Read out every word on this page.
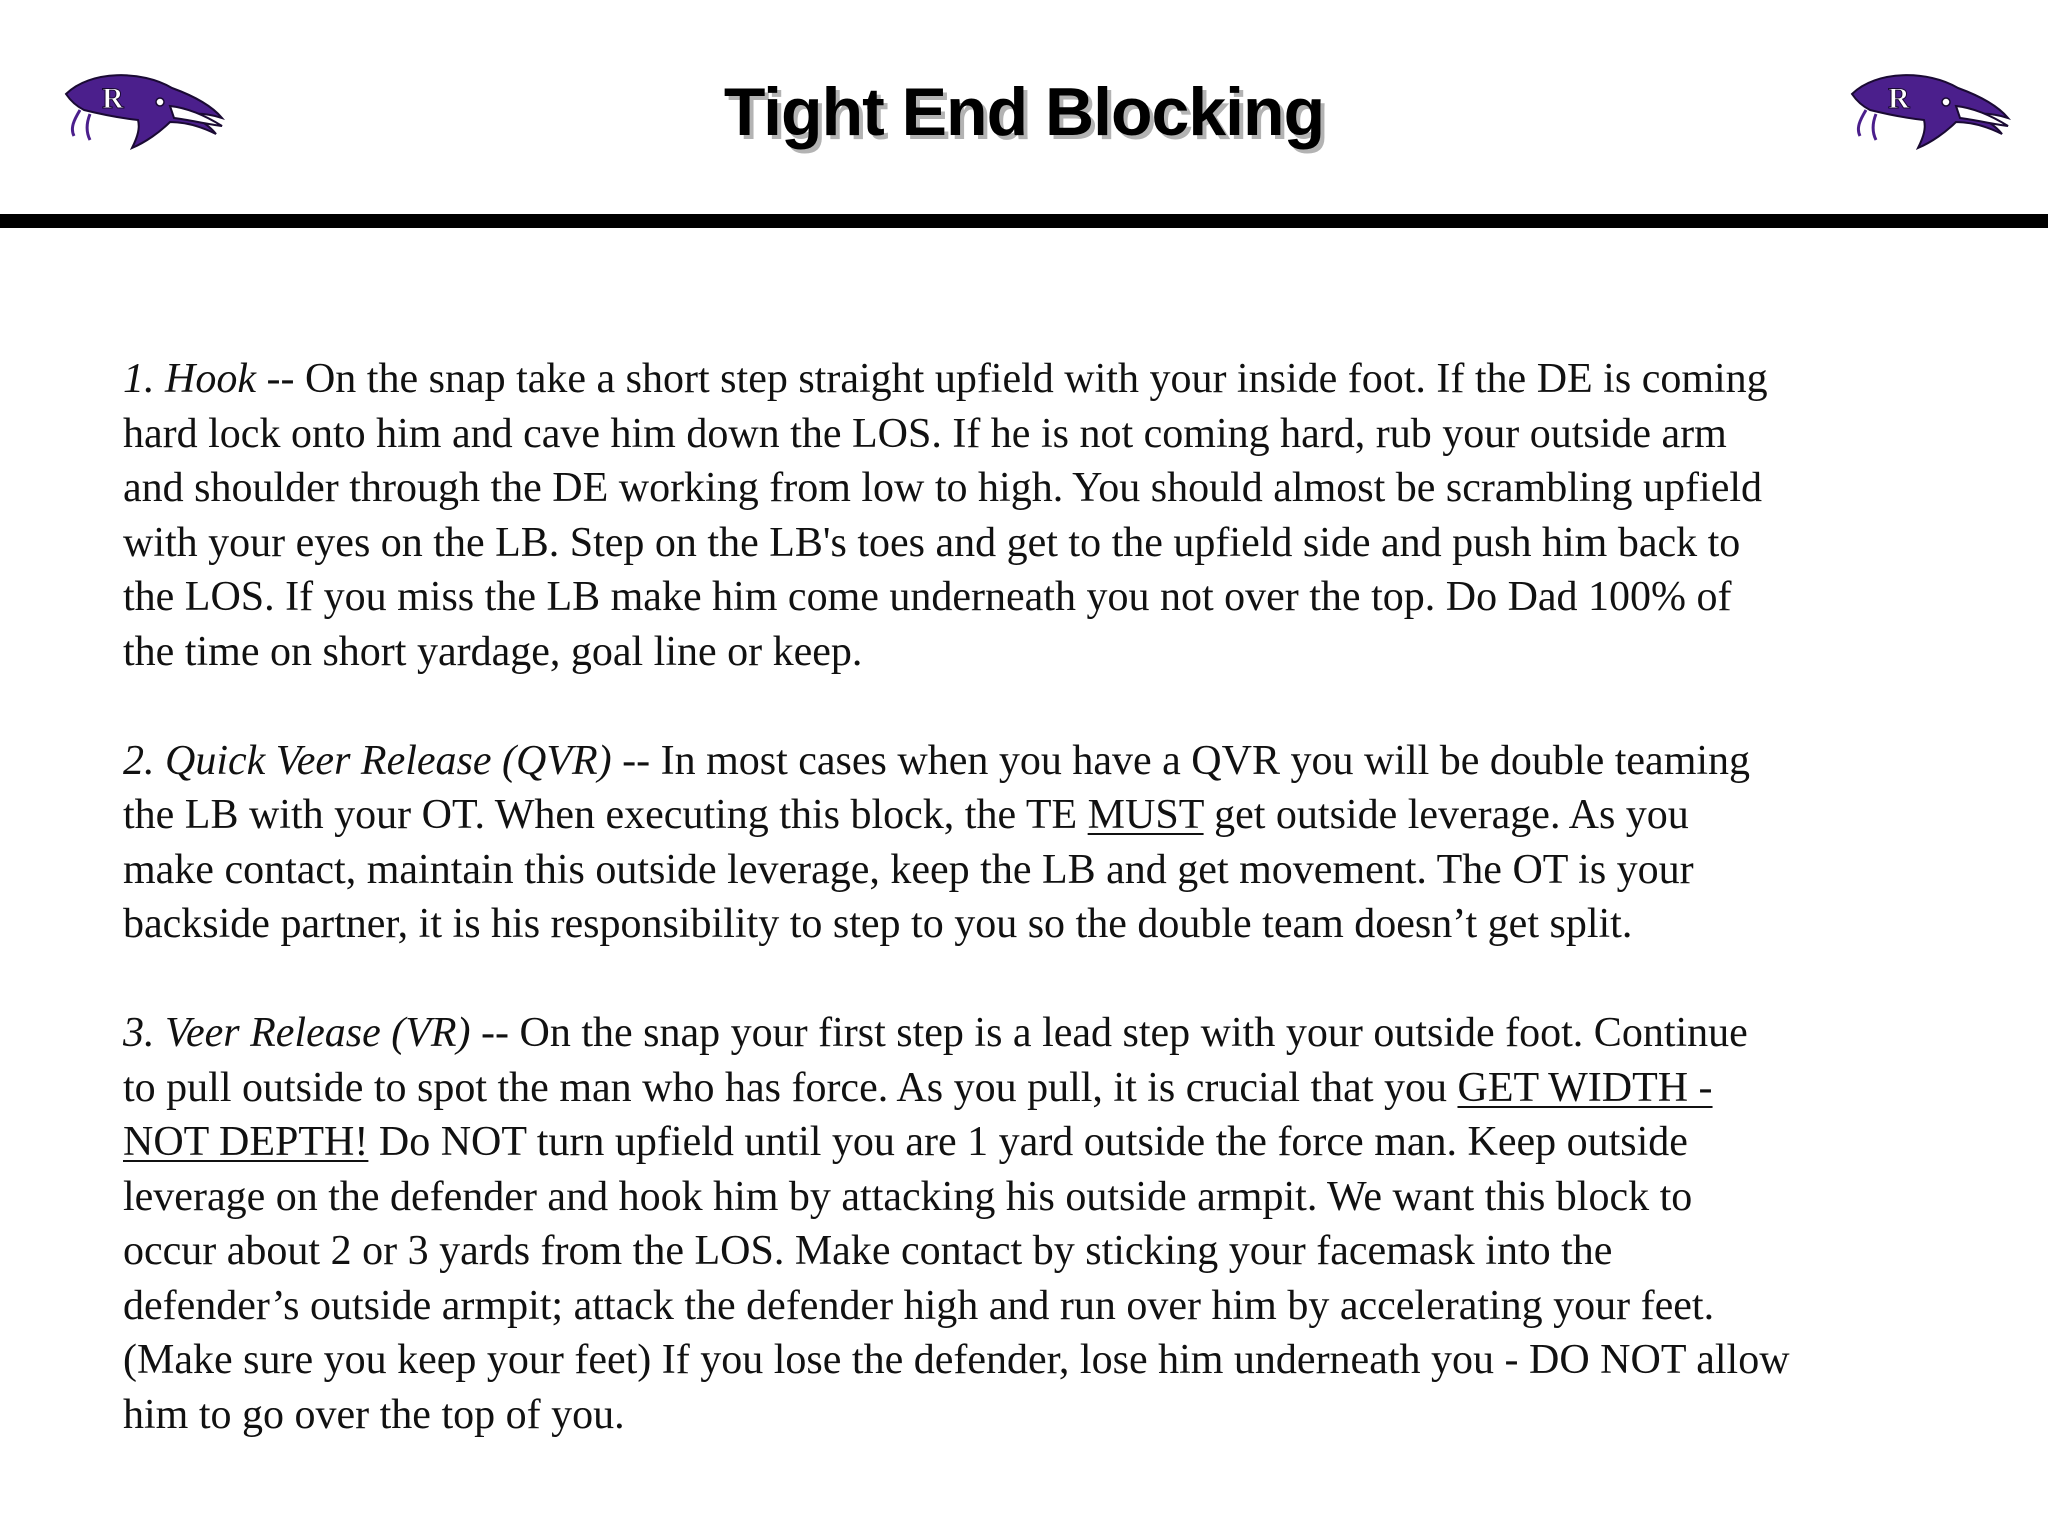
R	Tight End Blocking	R
1. Hook -- On the snap take a short step straight upfield with your inside foot. If the DE is coming
hard lock onto him and cave him down the LOS. If he is not coming hard, rub your outside arm
and shoulder through the DE working from low to high. You should almost be scrambling upfield
with your eyes on the LB. Step on the LB's toes and get to the upfield side and push him back to
the LOS. If you miss the LB make him come underneath you not over the top. Do Dad 100% of
the time on short yardage, goal line or keep.
2. Quick Veer Release (QVR) -- In most cases when you have a QVR you will be double teaming
the LB with your OT. When executing this block, the TE MUST get outside leverage. As you
make contact, maintain this outside leverage, keep the LB and get movement. The OT is your
backside partner, it is his responsibility to step to you so the double team doesn’t get split.
3. Veer Release (VR) -- On the snap your first step is a lead step with your outside foot. Continue
to pull outside to spot the man who has force. As you pull, it is crucial that you GET WIDTH -
NOT DEPTH! Do NOT turn upfield until you are 1 yard outside the force man. Keep outside
leverage on the defender and hook him by attacking his outside armpit. We want this block to
occur about 2 or 3 yards from the LOS. Make contact by sticking your facemask into the
defender’s outside armpit; attack the defender high and run over him by accelerating your feet.
(Make sure you keep your feet) If you lose the defender, lose him underneath you - DO NOT allow
him to go over the top of you.
